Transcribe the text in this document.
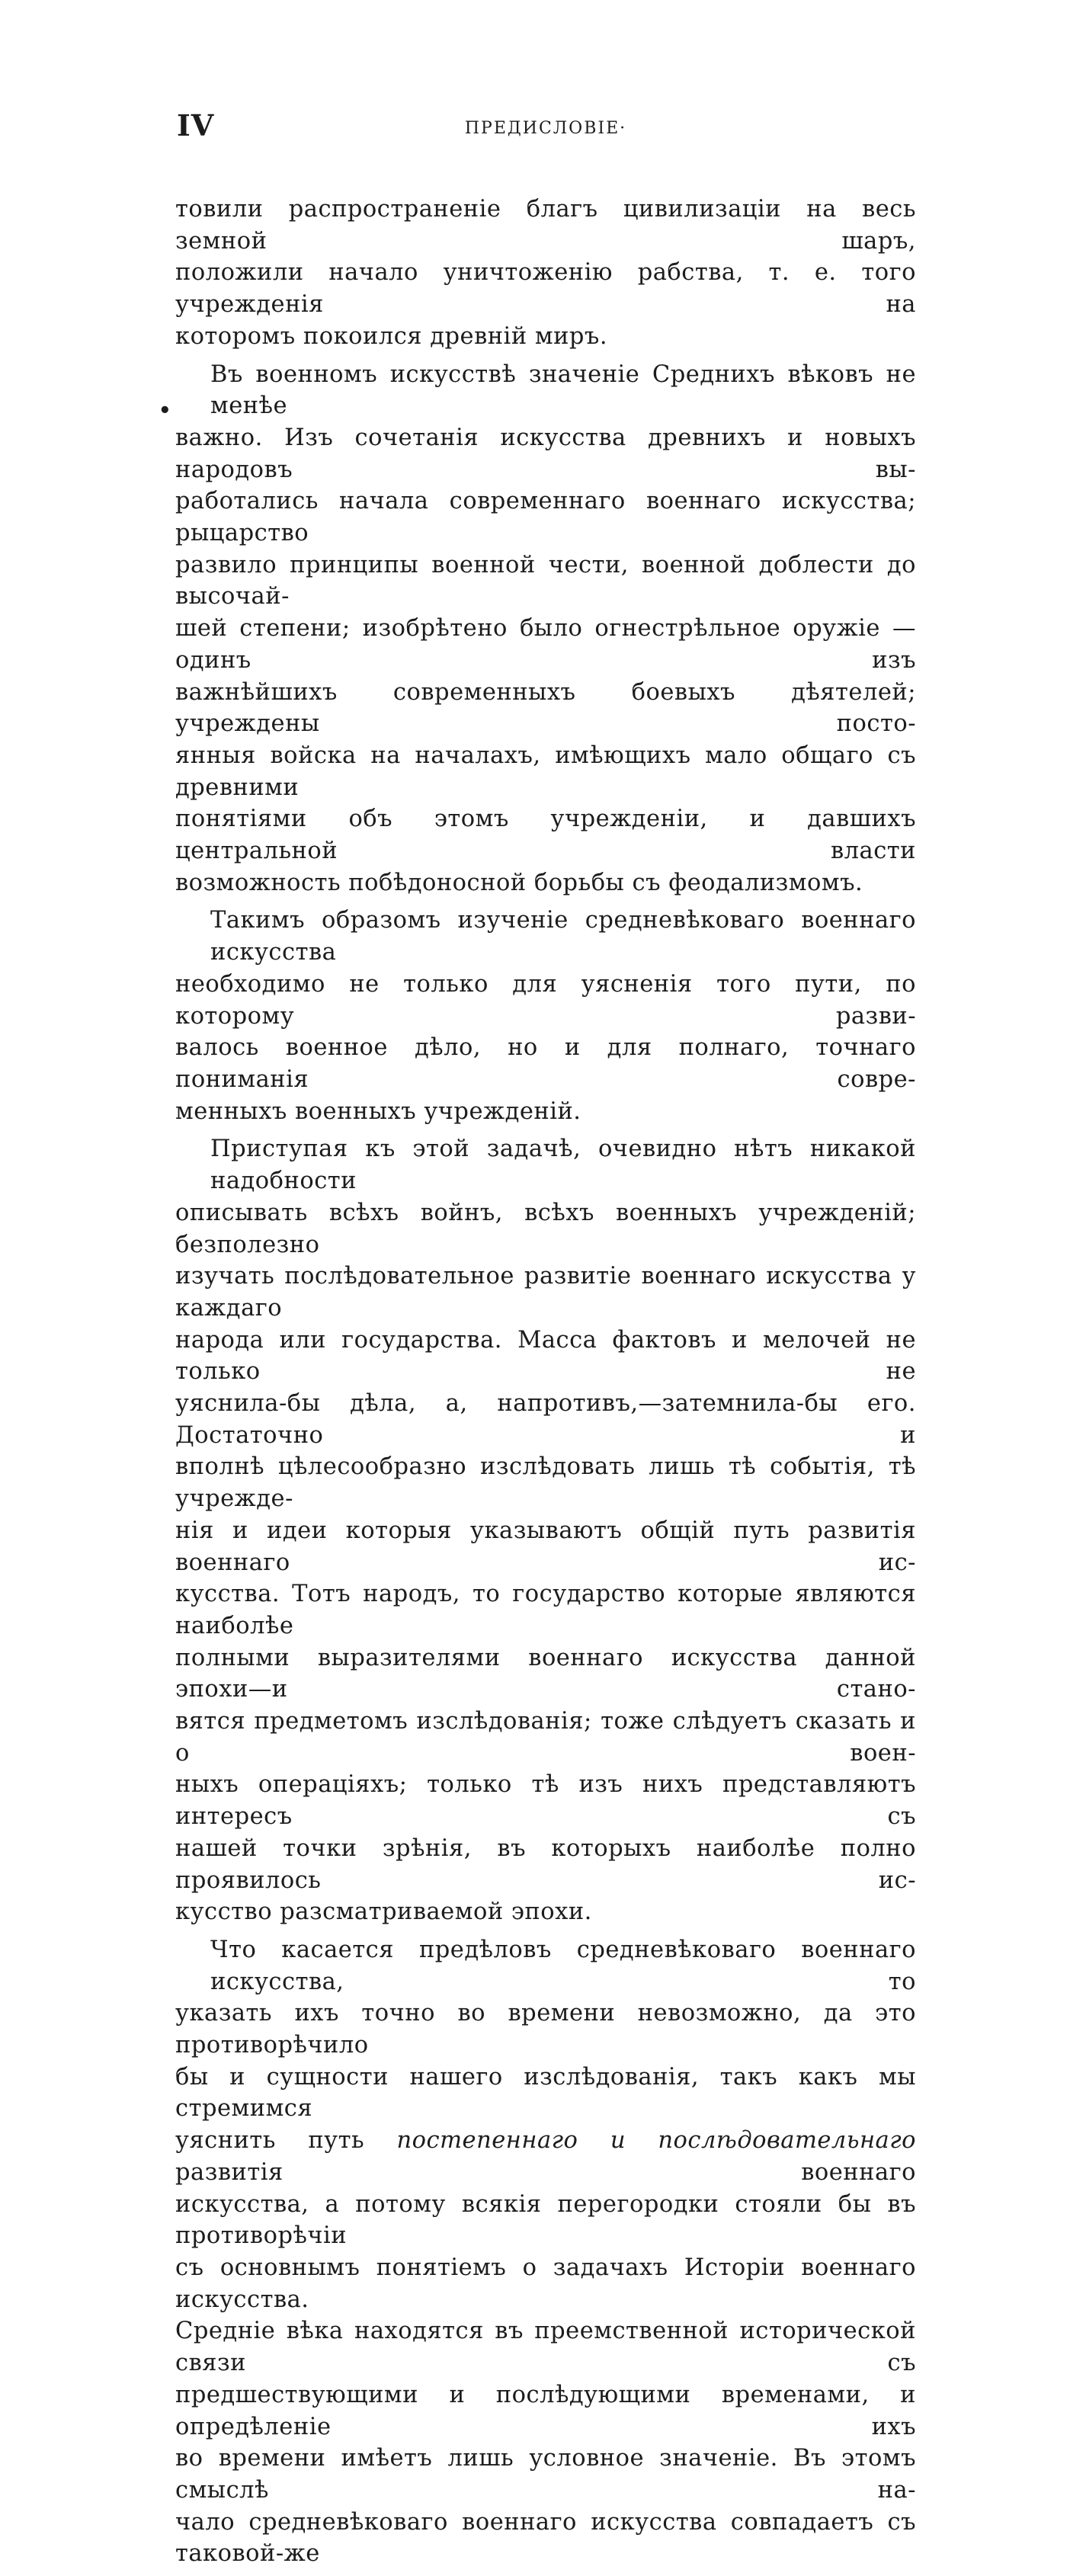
IV	ПРЕДИСЛОВІЕ·
•
товили распространеніе благъ цивилизаціи на весь земной шаръ,
положили начало уничтоженію рабства, т. е. того учрежденія на
которомъ покоился древній миръ.
Въ военномъ искусствѣ значеніе Среднихъ вѣковъ не менѣе
важно. Изъ сочетанія искусства древнихъ и новыхъ народовъ вы-
работались начала современнаго военнаго искусства; рыцарство
развило принципы военной чести, военной доблести до высочай-
шей степени; изобрѣтено было огнестрѣльное оружіе — одинъ изъ
важнѣйшихъ современныхъ боевыхъ дѣятелей; учреждены посто-
янныя войска на началахъ, имѣющихъ мало общаго съ древними
понятіями объ этомъ учрежденіи, и давшихъ центральной власти
возможность побѣдоносной борьбы съ феодализмомъ.
Такимъ образомъ изученіе средневѣковаго военнаго искусства
необходимо не только для уясненія того пути, по которому разви-
валось военное дѣло, но и для полнаго, точнаго пониманія совре-
менныхъ военныхъ учрежденій.
Приступая къ этой задачѣ, очевидно нѣтъ никакой надобности
описывать всѣхъ войнъ, всѣхъ военныхъ учрежденій; безполезно
изучать послѣдовательное развитіе военнаго искусства у каждаго
народа или государства. Масса фактовъ и мелочей не только не
уяснила-бы дѣла, а, напротивъ,—затемнила-бы его. Достаточно и
вполнѣ цѣлесообразно изслѣдовать лишь тѣ событія, тѣ учрежде-
нія и идеи которыя указываютъ общій путь развитія военнаго ис-
кусства. Тотъ народъ, то государство которые являются наиболѣе
полными выразителями военнаго искусства данной эпохи—и стано-
вятся предметомъ изслѣдованія; тоже слѣдуетъ сказать и о воен-
ныхъ операціяхъ; только тѣ изъ нихъ представляютъ интересъ съ
нашей точки зрѣнія, въ которыхъ наиболѣе полно проявилось ис-
кусство разсматриваемой эпохи.
Что касается предѣловъ средневѣковаго военнаго искусства, то
указать ихъ точно во времени невозможно, да это противорѣчило
бы и сущности нашего изслѣдованія, такъ какъ мы стремимся
уяснить путь постепеннаго и послѣдовательнаго развитія военнаго
искусства, а потому всякія перегородки стояли бы въ противорѣчіи
съ основнымъ понятіемъ о задачахъ Исторіи военнаго искусства.
Средніе вѣка находятся въ преемственной исторической связи съ
предшествующими и послѣдующими временами, и опредѣленіе ихъ
во времени имѣетъ лишь условное значеніе. Въ этомъ смыслѣ на-
чало средневѣковаго военнаго искусства совпадаетъ съ таковой-же
